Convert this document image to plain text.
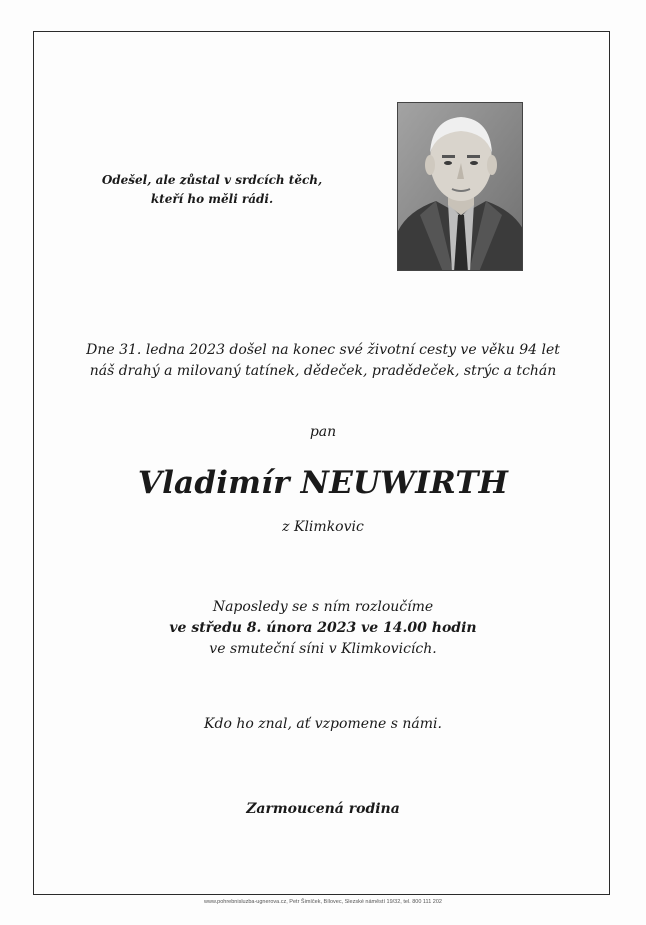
Odešel, ale zůstal v srdcích těch,
kteří ho měli rádi.
Dne 31. ledna 2023 došel na konec své životní cesty ve věku 94 let
náš drahý a milovaný tatínek, dědeček, pradědeček, strýc a tchán
pan
Vladimír NEUWIRTH
z Klimkovic
Naposledy se s ním rozloučíme
ve středu 8. února 2023 ve 14.00 hodin
ve smuteční síni v Klimkovicích.
Kdo ho znal, ať vzpomene s námi.
Zarmoucená rodina
www.pohrebnisluzba-ugnerova.cz, Petr Šimíček, Bílovec, Slezské náměstí 19/32, tel. 800 111 202
